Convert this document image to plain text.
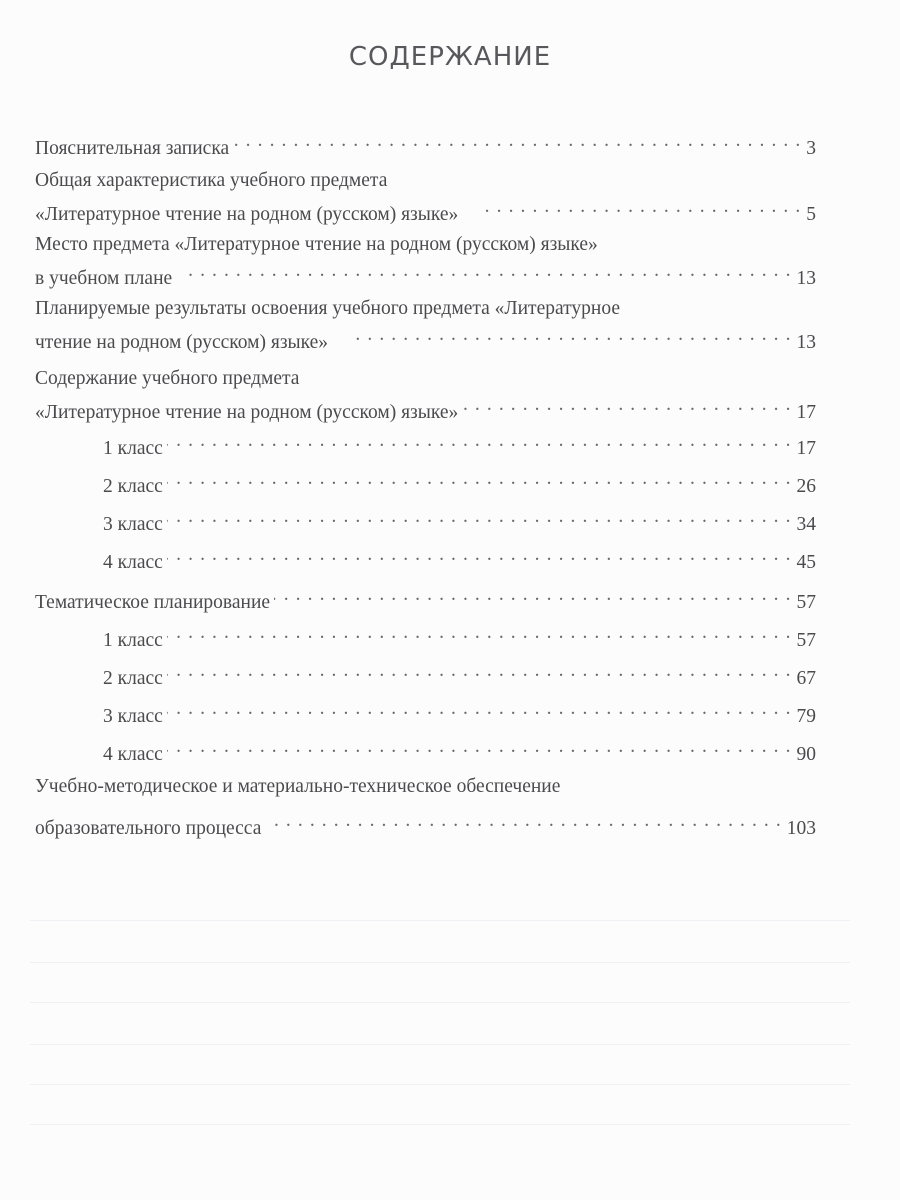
СОДЕРЖАНИЕ
Пояснительная записка . . .	3
Общая характеристика учебного предмета
«Литературное чтение на родном (русском) языке» . . .	5
Место предмета «Литературное чтение на родном (русском) языке»
в учебном плане . . .	13
Планируемые результаты освоения учебного предмета «Литературное
чтение на родном (русском) языке» . . .	13
Содержание учебного предмета
«Литературное чтение на родном (русском) языке» . . .	17
1 класс . . .	17
2 класс . . .	26
3 класс . . .	34
4 класс . . .	45
Тематическое планирование . . .	57
1 класс . . .	57
2 класс . . .	67
3 класс . . .	79
4 класс . . .	90
Учебно-методическое и материально-техническое обеспечение
образовательного процесса . . .	103
